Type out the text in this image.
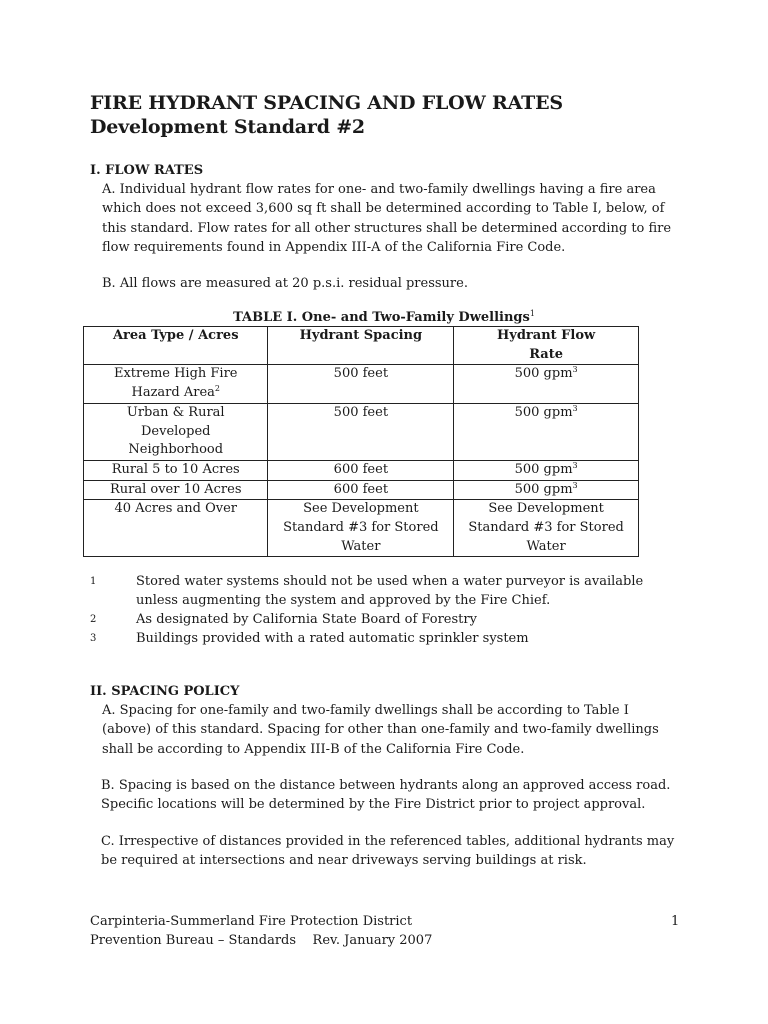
FIRE HYDRANT SPACING AND FLOW RATES
Development Standard #2
I. FLOW RATES
A. Individual hydrant flow rates for one- and two-family dwellings having a fire area
which does not exceed 3,600 sq ft shall be determined according to Table I, below, of
this standard. Flow rates for all other structures shall be determined according to fire
flow requirements found in Appendix III-A of the California Fire Code.
B. All flows are measured at 20 p.s.i. residual pressure.
TABLE I. One- and Two-Family Dwellings$^1$
Area Type / Acres	Hydrant Spacing	Hydrant Flow
Rate

Extreme High Fire
Hazard Area$^2$	500 feet	500 gpm$^3$

Urban & Rural
Developed
Neighborhood	500 feet	500 gpm$^3$

Rural 5 to 10 Acres	600 feet	500 gpm$^3$

Rural over 10 Acres	600 feet	500 gpm$^3$

40 Acres and Over	See Development
Standard #3 for Stored
Water	See Development
Standard #3 for Stored
Water
1	Stored water systems should not be used when a water purveyor is available
unless augmenting the system and approved by the Fire Chief.
2	As designated by California State Board of Forestry
3	Buildings provided with a rated automatic sprinkler system
II. SPACING POLICY
A. Spacing for one-family and two-family dwellings shall be according to Table I
(above) of this standard. Spacing for other than one-family and two-family dwellings
shall be according to Appendix III-B of the California Fire Code.
B. Spacing is based on the distance between hydrants along an approved access road.
Specific locations will be determined by the Fire District prior to project approval.
C. Irrespective of distances provided in the referenced tables, additional hydrants may
be required at intersections and near driveways serving buildings at risk.
Carpinteria-Summerland Fire Protection District
Prevention Bureau – Standards    Rev. January 2007
1
